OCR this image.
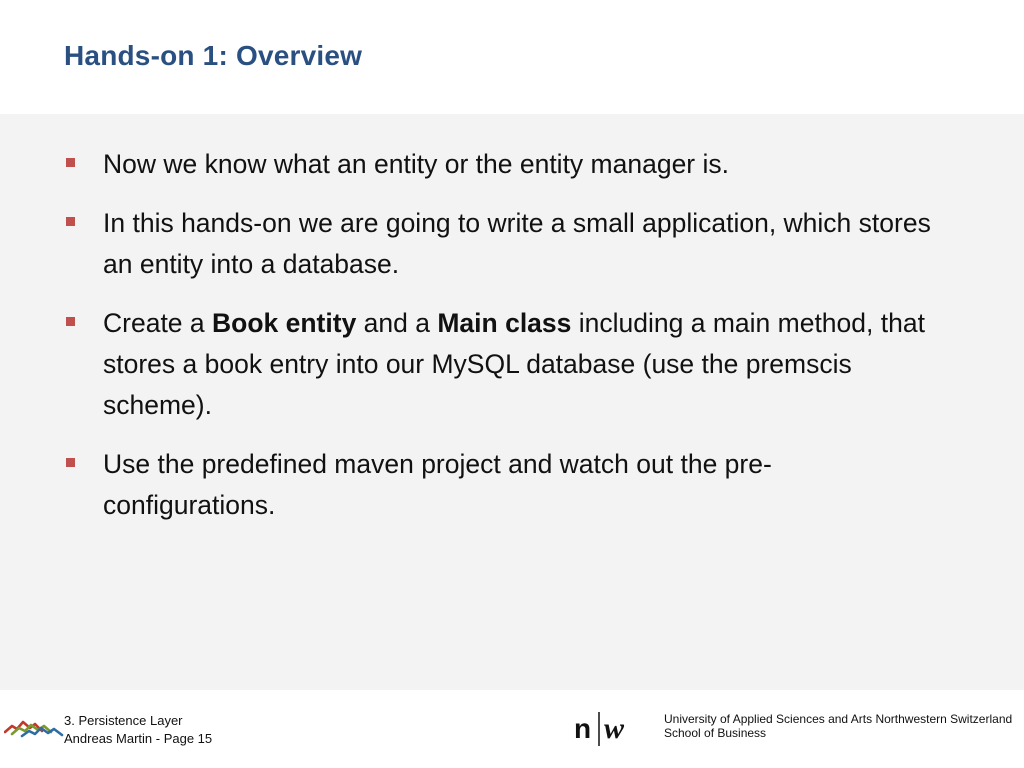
Hands-on 1: Overview
Now we know what an entity or the entity manager is.
In this hands-on we are going to write a small application, which stores an entity into a database.
Create a Book entity and a Main class including a main method, that stores a book entry into our MySQL database (use the premscis scheme).
Use the predefined maven project and watch out the pre-configurations.
3. Persistence Layer
Andreas Martin - Page 15	n w	University of Applied Sciences and Arts Northwestern Switzerland
School of Business
